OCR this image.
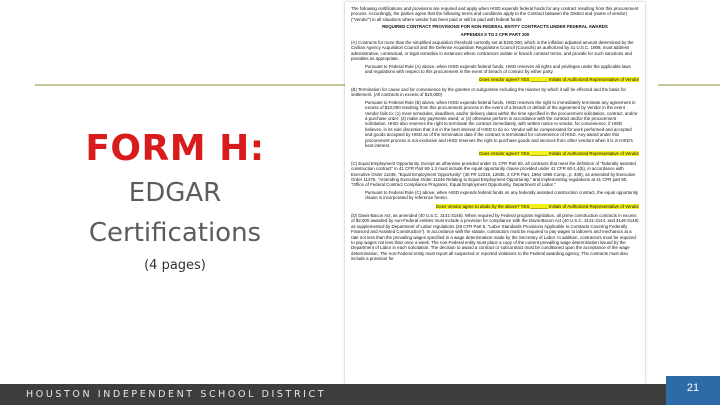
FORM H:
EDGAR
Certifications
(4 pages)

The following certifications and provisions are required and apply when HISD expends federal funds for any contract resulting from this procurement process. Accordingly, the parties agree that the following terms and conditions apply to the Contract between the District and (name of vendor) ("Vendor") in all situations where vendor has been paid or will be paid with federal funds:

REQUIRED CONTRACT PROVISIONS FOR NON-FEDERAL ENTITY CONTRACTS UNDER FEDERAL AWARDS

APPENDIX II TO 2 CFR PART 200

(A) Contracts for more than the simplified acquisition threshold currently set at $150,000, which is the inflation adjusted amount determined by the Civilian Agency Acquisition Council and the Defense Acquisition Regulations Council (Councils) as authorized by 41 U.S.C. 1908, must address administrative, contractual, or legal remedies in instances where contractors violate or breach contract terms, and provide for such sanctions and penalties as appropriate.

Pursuant to Federal Rule (A) above, when HISD expends federal funds, HISD reserves all rights and privileges under the applicable laws and regulations with respect to this procurement in the event of breach of contract by either party.

Does Vendor agree? YES _______ Initials of Authorized Representative of Vendor

(B) Termination for cause and for convenience by the grantee or subgrantee including the manner by which it will be effected and the basis for settlement. (All contracts in excess of $10,000)

Pursuant to Federal Rule (B) above, when HISD expends federal funds, HISD reserves the right to immediately terminate any agreement in excess of $10,000 resulting from this procurement process in the event of a breach or default of the agreement by Vendor in the event Vendor fails to: (1) meet schedules, deadlines, and/or delivery dates within the time specified in the procurement solicitation, contract, and/or a purchase order; (2) make any payments owed; or (3) otherwise perform in accordance with the contract and/or the procurement solicitation. HISD also reserves the right to terminate the contract immediately, with written notice to vendor, for convenience, if HISD believes, in its sole discretion that it is in the best interest of HISD to do so. Vendor will be compensated for work performed and accepted and goods accepted by HISD as of the termination date if the contract is terminated for convenience of HISD. Any award under this procurement process is not exclusive and HISD reserves the right to purchase goods and services from other vendors when it is in HISD's best interest.

Does Vendor agree? YES _______ Initials of Authorized Representative of Vendor

(C) Equal Employment Opportunity. Except as otherwise provided under 41 CFR Part 60, all contracts that meet the definition of "federally assisted construction contract" in 41 CFR Part 60-1.3 must include the equal opportunity clause provided under 41 CFR 60-1.4(b), in accordance with Executive Order 11246, "Equal Employment Opportunity" (30 FR 12319, 12935, 3 CFR Part, 1964-1965 Comp., p. 339), as amended by Executive Order 11375, "Amending Executive Order 11246 Relating to Equal Employment Opportunity," and implementing regulations at 41 CFR part 60, "Office of Federal Contract Compliance Programs, Equal Employment Opportunity, Department of Labor."

Pursuant to Federal Rule (C) above, when HISD expends federal funds on any federally assisted construction contract, the equal opportunity clause is incorporated by reference herein.

Does Vendor agree to abide by the above? YES _______ Initials of Authorized Representative of Vendor

(D) Davis-Bacon Act, as amended (40 U.S.C. 3141-3148). When required by Federal program legislation, all prime construction contracts in excess of $2,000 awarded by non-Federal entities must include a provision for compliance with the Davis-Bacon Act (40 U.S.C. 3141-3144, and 3146-3148) as supplemented by Department of Labor regulations (29 CFR Part 5, "Labor Standards Provisions Applicable to Contracts Covering Federally Financed and Assisted Construction"). In accordance with the statute, contractors must be required to pay wages to laborers and mechanics at a rate not less than the prevailing wages specified in a wage determination made by the Secretary of Labor. In addition, contractors must be required to pay wages not less than once a week. The non-Federal entity must place a copy of the current prevailing wage determination issued by the Department of Labor in each solicitation. The decision to award a contract or subcontract must be conditioned upon the acceptance of the wage determination. The non-Federal entity must report all suspected or reported violations to the Federal awarding agency. The contracts must also include a provision for

HOUSTON INDEPENDENT SCHOOL DISTRICT
21
